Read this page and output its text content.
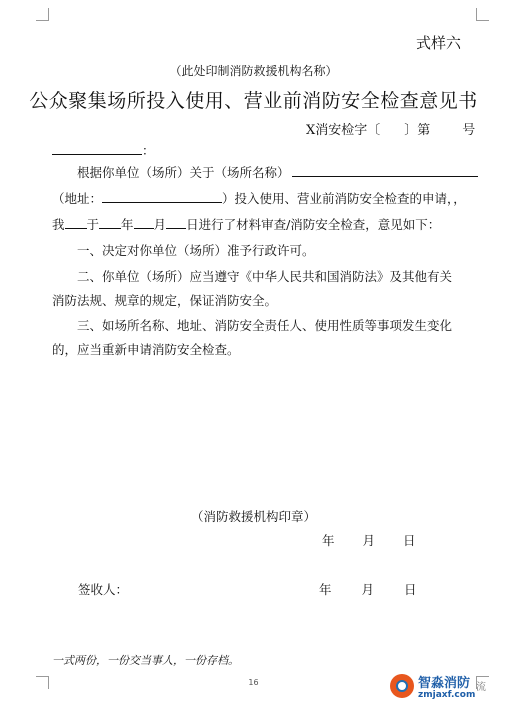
式样六
（此处印制消防救援机构名称）
公众聚集场所投入使用、营业前消防安全检查意见书
X消安检字〔 〕第 号
：
根据你单位（场所）关于（场所名称）
（地址：	）投入使用、营业前消防安全检查的申请，，
我 于 年 月 日进行了材料审查/消防安全检查，意见如下：
一、决定对你单位（场所）准予行政许可。
二、你单位（场所）应当遵守《中华人民共和国消防法》及其他有关
消防法规、规章的规定，保证消防安全。
三、如场所名称、地址、消防安全责任人、使用性质等事项发生变化
的，应当重新申请消防安全检查。
（消防救援机构印章）
年 月 日
签收人：	年 月 日
一式两份，一份交当事人，一份存档。
16	智淼消防
zmjaxf.com
流
